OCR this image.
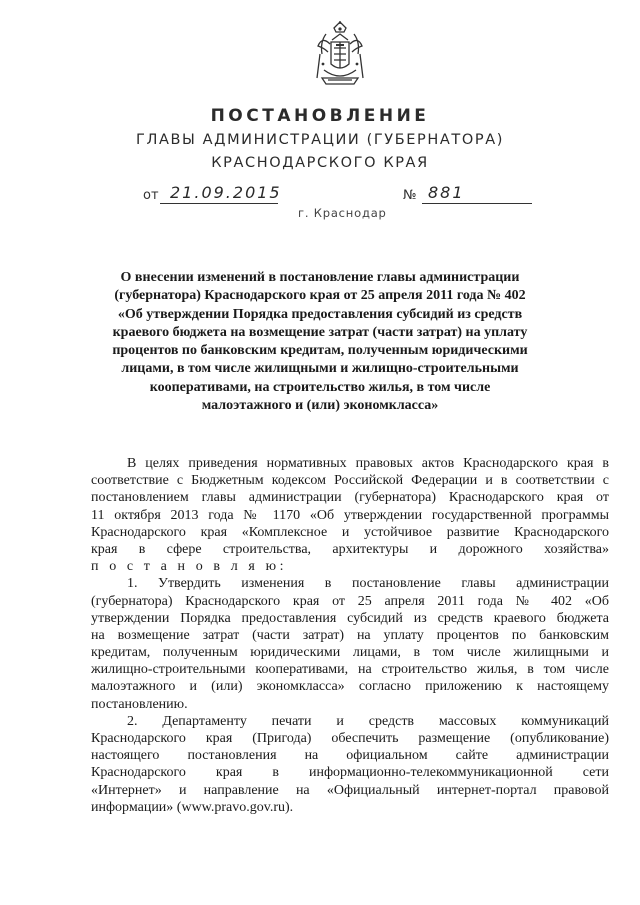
ПОСТАНОВЛЕНИЕ
ГЛАВЫ АДМИНИСТРАЦИИ (ГУБЕРНАТОРА)
КРАСНОДАРСКОГО КРАЯ
от 21.09.2015	№ 881
г. Краснодар
О внесении изменений в постановление главы администрации
(губернатора) Краснодарского края от 25 апреля 2011 года № 402
«Об утверждении Порядка предоставления субсидий из средств
краевого бюджета на возмещение затрат (части затрат) на уплату
процентов по банковским кредитам, полученным юридическими
лицами, в том числе жилищными и жилищно-строительными
кооперативами, на строительство жилья, в том числе
малоэтажного и (или) экономкласса»
В целях приведения нормативных правовых актов Краснодарского края в
соответствие с Бюджетным кодексом Российской Федерации и в соответствии с
постановлением главы администрации (губернатора) Краснодарского края от
11 октября 2013 года № 1170 «Об утверждении государственной программы
Краснодарского края «Комплексное и устойчивое развитие Краснодарского
края в сфере строительства, архитектуры и дорожного хозяйства»
п о с т а н о в л я ю:
1. Утвердить изменения в постановление главы администрации
(губернатора) Краснодарского края от 25 апреля 2011 года № 402 «Об
утверждении Порядка предоставления субсидий из средств краевого бюджета
на возмещение затрат (части затрат) на уплату процентов по банковским
кредитам, полученным юридическими лицами, в том числе жилищными и
жилищно-строительными кооперативами, на строительство жилья, в том числе
малоэтажного и (или) экономкласса» согласно приложению к настоящему
постановлению.
2. Департаменту печати и средств массовых коммуникаций
Краснодарского края (Пригода) обеспечить размещение (опубликование)
настоящего постановления на официальном сайте администрации
Краснодарского края в информационно-телекоммуникационной сети
«Интернет» и направление на «Официальный интернет-портал правовой
информации» (www.pravo.gov.ru).
